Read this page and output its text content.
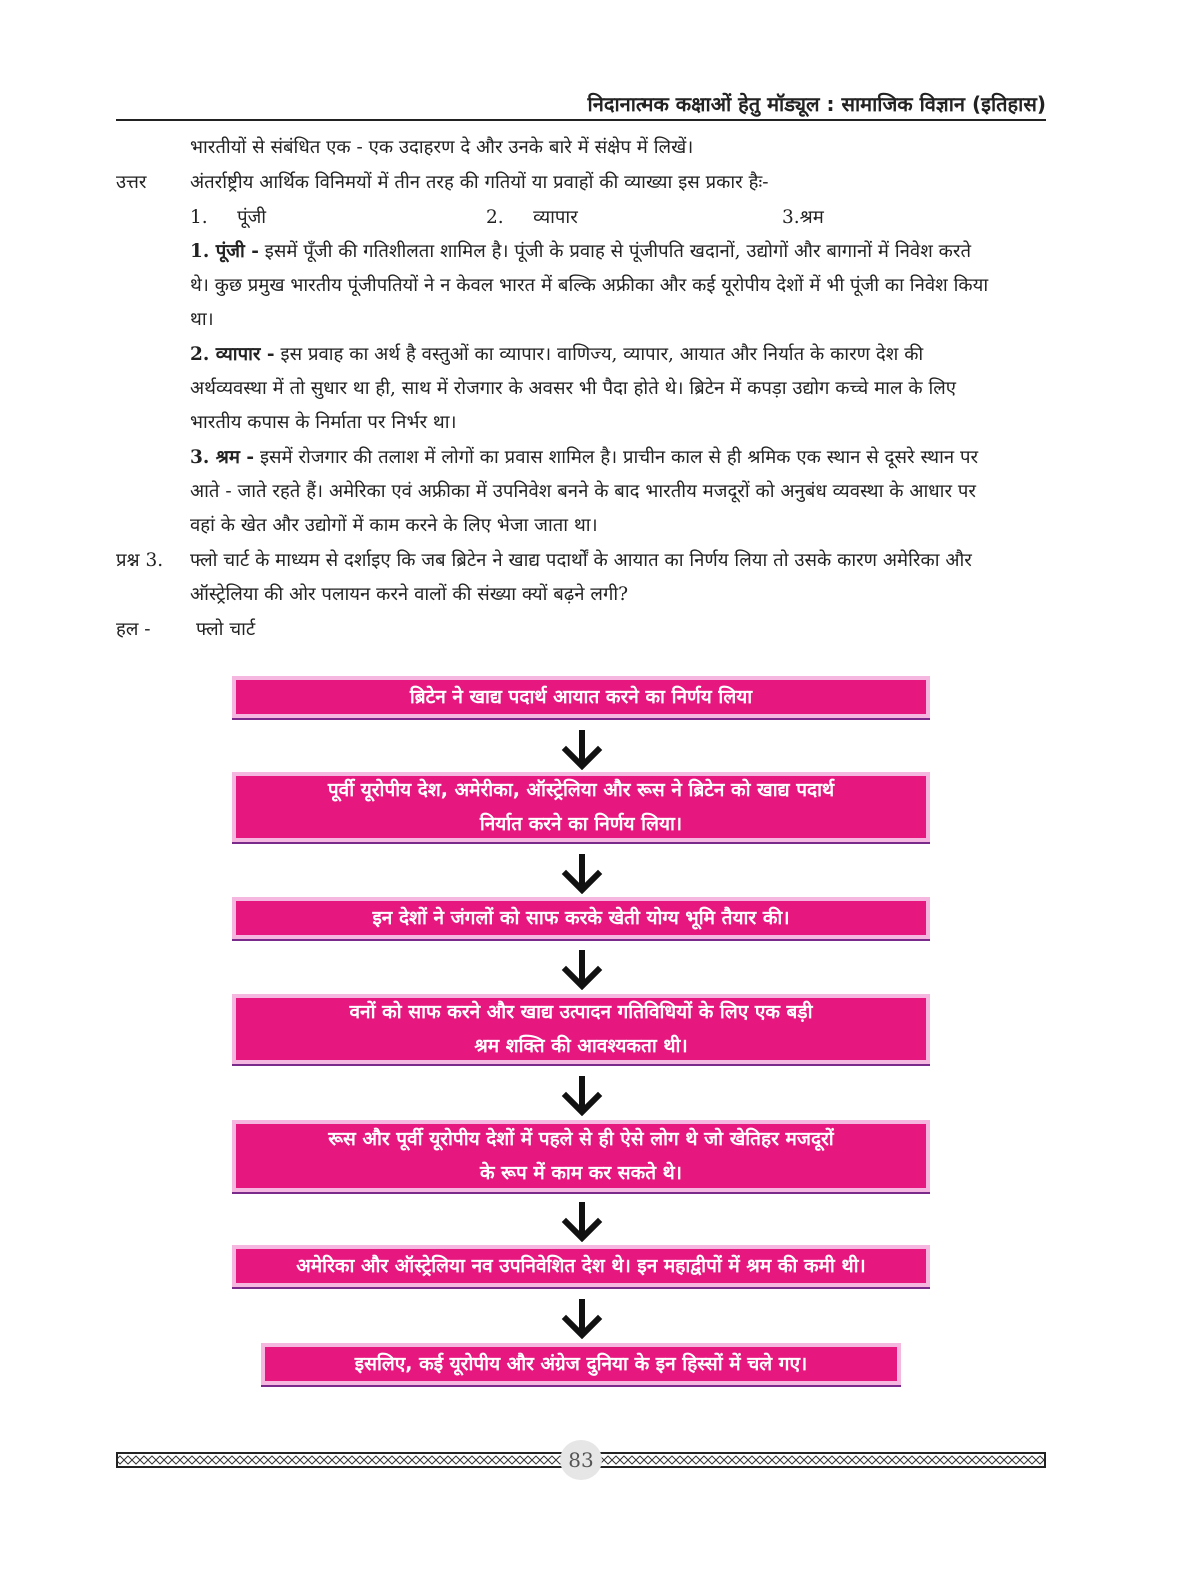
निदानात्मक कक्षाओं हेतु मॉड्यूल : सामाजिक विज्ञान (इतिहास)
भारतीयों से संबंधित एक - एक उदाहरण दे और उनके बारे में संक्षेप में लिखें।
उत्तर अंतर्राष्ट्रीय आर्थिक विनिमयों में तीन तरह की गतियों या प्रवाहों की व्याख्या इस प्रकार हैः-
1. पूंजी	2. व्यापार	3.श्रम
1. पूंजी - इसमें पूँजी की गतिशीलता शामिल है। पूंजी के प्रवाह से पूंजीपति खदानों, उद्योगों और बागानों में निवेश करते
थे। कुछ प्रमुख भारतीय पूंजीपतियों ने न केवल भारत में बल्कि अफ्रीका और कई यूरोपीय देशों में भी पूंजी का निवेश किया
था।
2. व्यापार - इस प्रवाह का अर्थ है वस्तुओं का व्यापार। वाणिज्य, व्यापार, आयात और निर्यात के कारण देश की
अर्थव्यवस्था में तो सुधार था ही, साथ में रोजगार के अवसर भी पैदा होते थे। ब्रिटेन में कपड़ा उद्योग कच्चे माल के लिए
भारतीय कपास के निर्माता पर निर्भर था।
3. श्रम - इसमें रोजगार की तलाश में लोगों का प्रवास शामिल है। प्राचीन काल से ही श्रमिक एक स्थान से दूसरे स्थान पर
आते - जाते रहते हैं। अमेरिका एवं अफ्रीका में उपनिवेश बनने के बाद भारतीय मजदूरों को अनुबंध व्यवस्था के आधार पर
वहां के खेत और उद्योगों में काम करने के लिए भेजा जाता था।
प्रश्न 3. फ्लो चार्ट के माध्यम से दर्शाइए कि जब ब्रिटेन ने खाद्य पदार्थों के आयात का निर्णय लिया तो उसके कारण अमेरिका और
ऑस्ट्रेलिया की ओर पलायन करने वालों की संख्या क्यों बढ़ने लगी?
हल - फ्लो चार्ट
ब्रिटेन ने खाद्य पदार्थ आयात करने का निर्णय लिया
पूर्वी यूरोपीय देश, अमेरीका, ऑस्ट्रेलिया और रूस ने ब्रिटेन को खाद्य पदार्थ
निर्यात करने का निर्णय लिया।
इन देशों ने जंगलों को साफ करके खेती योग्य भूमि तैयार की।
वनों को साफ करने और खाद्य उत्पादन गतिविधियों के लिए एक बड़ी
श्रम शक्ति की आवश्यकता थी।
रूस और पूर्वी यूरोपीय देशों में पहले से ही ऐसे लोग थे जो खेतिहर मजदूरों
के रूप में काम कर सकते थे।
अमेरिका और ऑस्ट्रेलिया नव उपनिवेशित देश थे। इन महाद्वीपों में श्रम की कमी थी।
इसलिए, कई यूरोपीय और अंग्रेज दुनिया के इन हिस्सों में चले गए।
83
